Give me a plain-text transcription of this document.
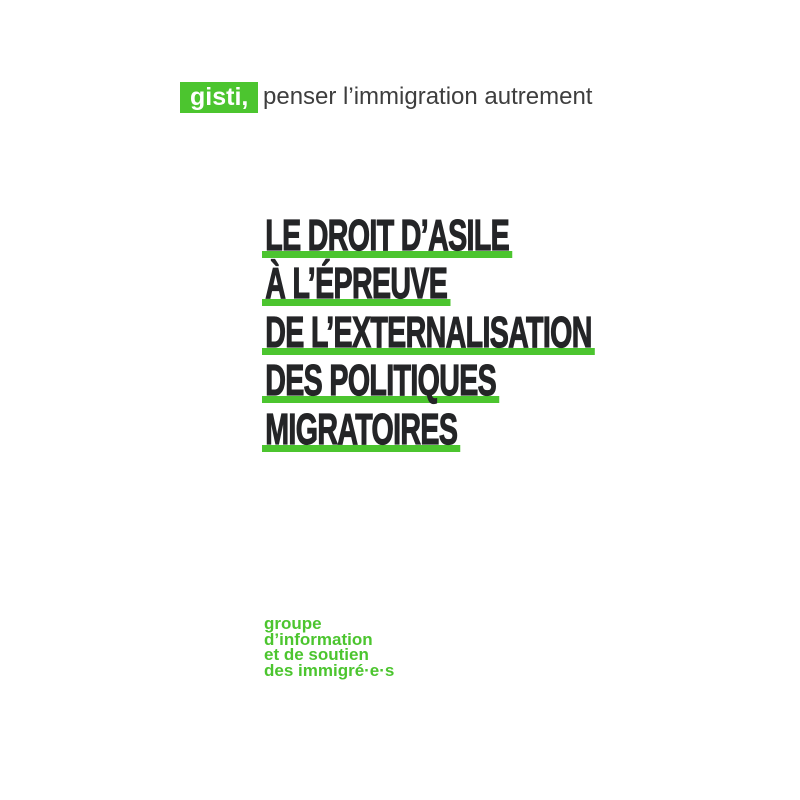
gisti, penser l’immigration autrement
LE DROIT D’ASILE
À L’ÉPREUVE
DE L’EXTERNALISATION
DES POLITIQUES
MIGRATOIRES
groupe
d’information
et de soutien
des immigré·e·s
